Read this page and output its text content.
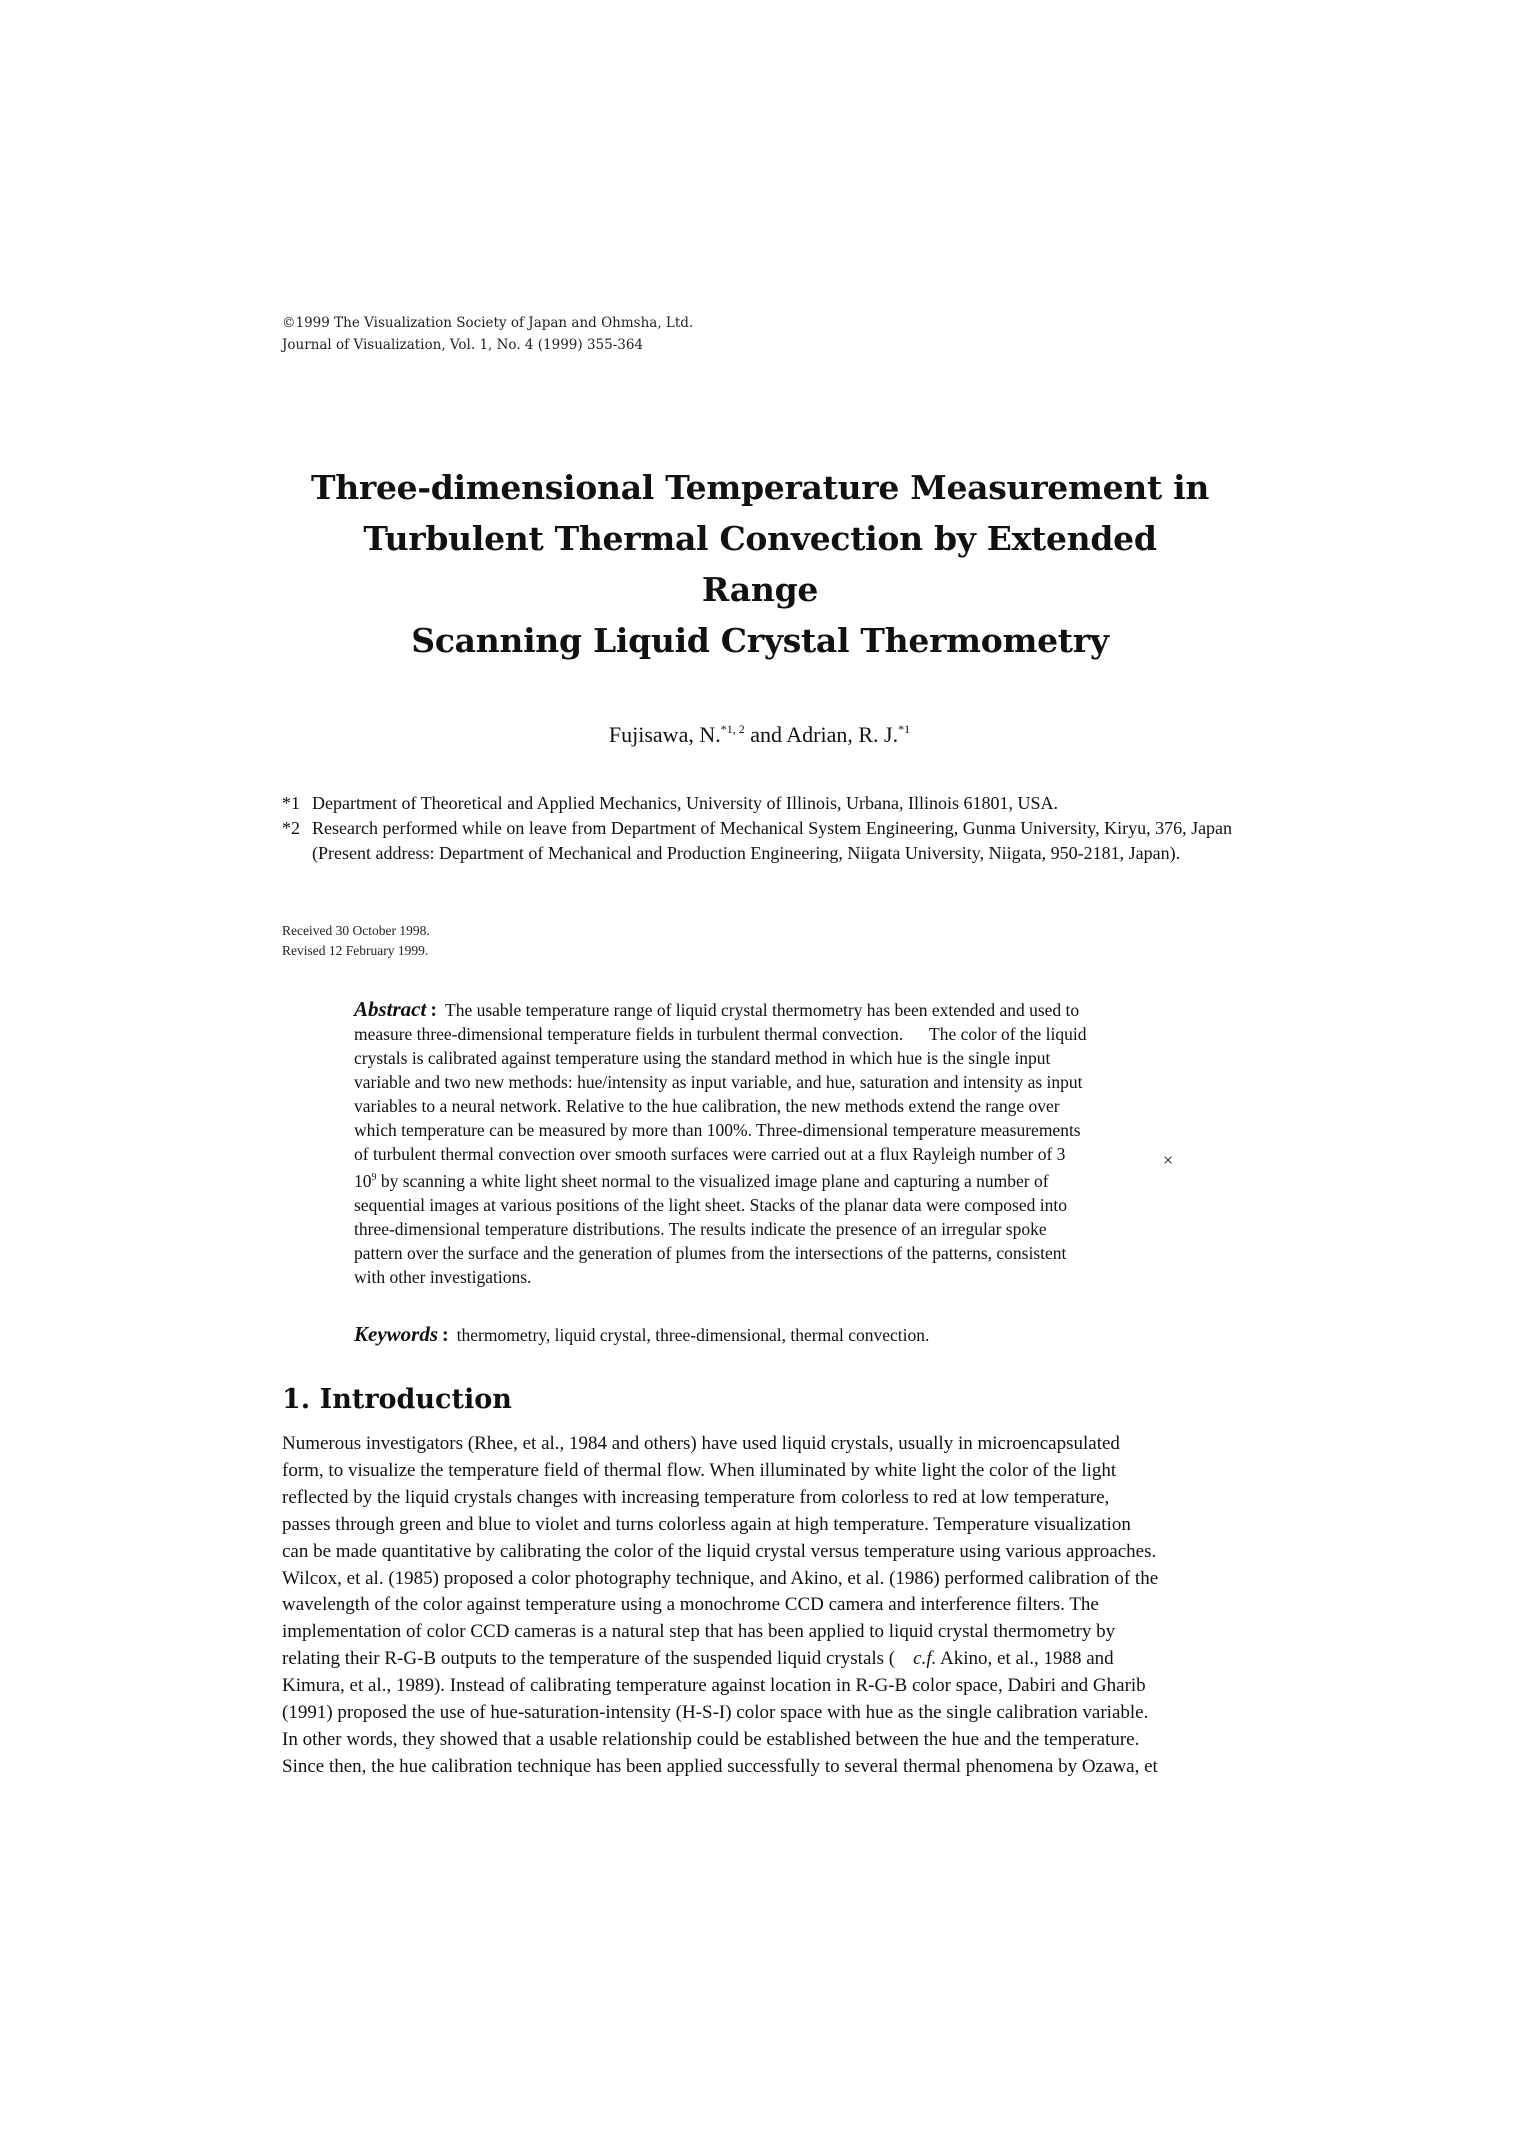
©1999 The Visualization Society of Japan and Ohmsha, Ltd.
Journal of Visualization, Vol. 1, No. 4 (1999) 355-364
Three-dimensional Temperature Measurement in
Turbulent Thermal Convection by Extended Range
Scanning Liquid Crystal Thermometry
Fujisawa, N.$^{*1, 2}$ and Adrian, R. J.$^{*1}$
*1 Department of Theoretical and Applied Mechanics, University of Illinois, Urbana, Illinois 61801, USA.
*2 Research performed while on leave from Department of Mechanical System Engineering, Gunma University, Kiryu, 376, Japan (Present address: Department of Mechanical and Production Engineering, Niigata University, Niigata, 950-2181, Japan).
Received 30 October 1998.
Revised 12 February 1999.
Abstract : The usable temperature range of liquid crystal thermometry has been extended and used to
measure three-dimensional temperature fields in turbulent thermal convection.      The color of the liquid
crystals is calibrated against temperature using the standard method in which hue is the single input
variable and two new methods: hue/intensity as input variable, and hue, saturation and intensity as input
variables to a neural network. Relative to the hue calibration, the new methods extend the range over
which temperature can be measured by more than 100%. Three-dimensional temperature measurements
of turbulent thermal convection over smooth surfaces were carried out at a flux Rayleigh number of 3
$10^9$ by scanning a white light sheet normal to the visualized image plane and capturing a number of
sequential images at various positions of the light sheet. Stacks of the planar data were composed into
three-dimensional temperature distributions. The results indicate the presence of an irregular spoke
pattern over the surface and the generation of plumes from the intersections of the patterns, consistent
with other investigations.
×
Keywords : thermometry, liquid crystal, three-dimensional, thermal convection.
1. Introduction
Numerous investigators (Rhee, et al., 1984 and others) have used liquid crystals, usually in microencapsulated
form, to visualize the temperature field of thermal flow. When illuminated by white light the color of the light
reflected by the liquid crystals changes with increasing temperature from colorless to red at low temperature,
passes through green and blue to violet and turns colorless again at high temperature. Temperature visualization
can be made quantitative by calibrating the color of the liquid crystal versus temperature using various approaches.
Wilcox, et al. (1985) proposed a color photography technique, and Akino, et al. (1986) performed calibration of the
wavelength of the color against temperature using a monochrome CCD camera and interference filters. The
implementation of color CCD cameras is a natural step that has been applied to liquid crystal thermometry by
relating their R-G-B outputs to the temperature of the suspended liquid crystals ( c.f. Akino, et al., 1988 and
Kimura, et al., 1989). Instead of calibrating temperature against location in R-G-B color space, Dabiri and Gharib
(1991) proposed the use of hue-saturation-intensity (H-S-I) color space with hue as the single calibration variable.
In other words, they showed that a usable relationship could be established between the hue and the temperature.
Since then, the hue calibration technique has been applied successfully to several thermal phenomena by Ozawa, et
